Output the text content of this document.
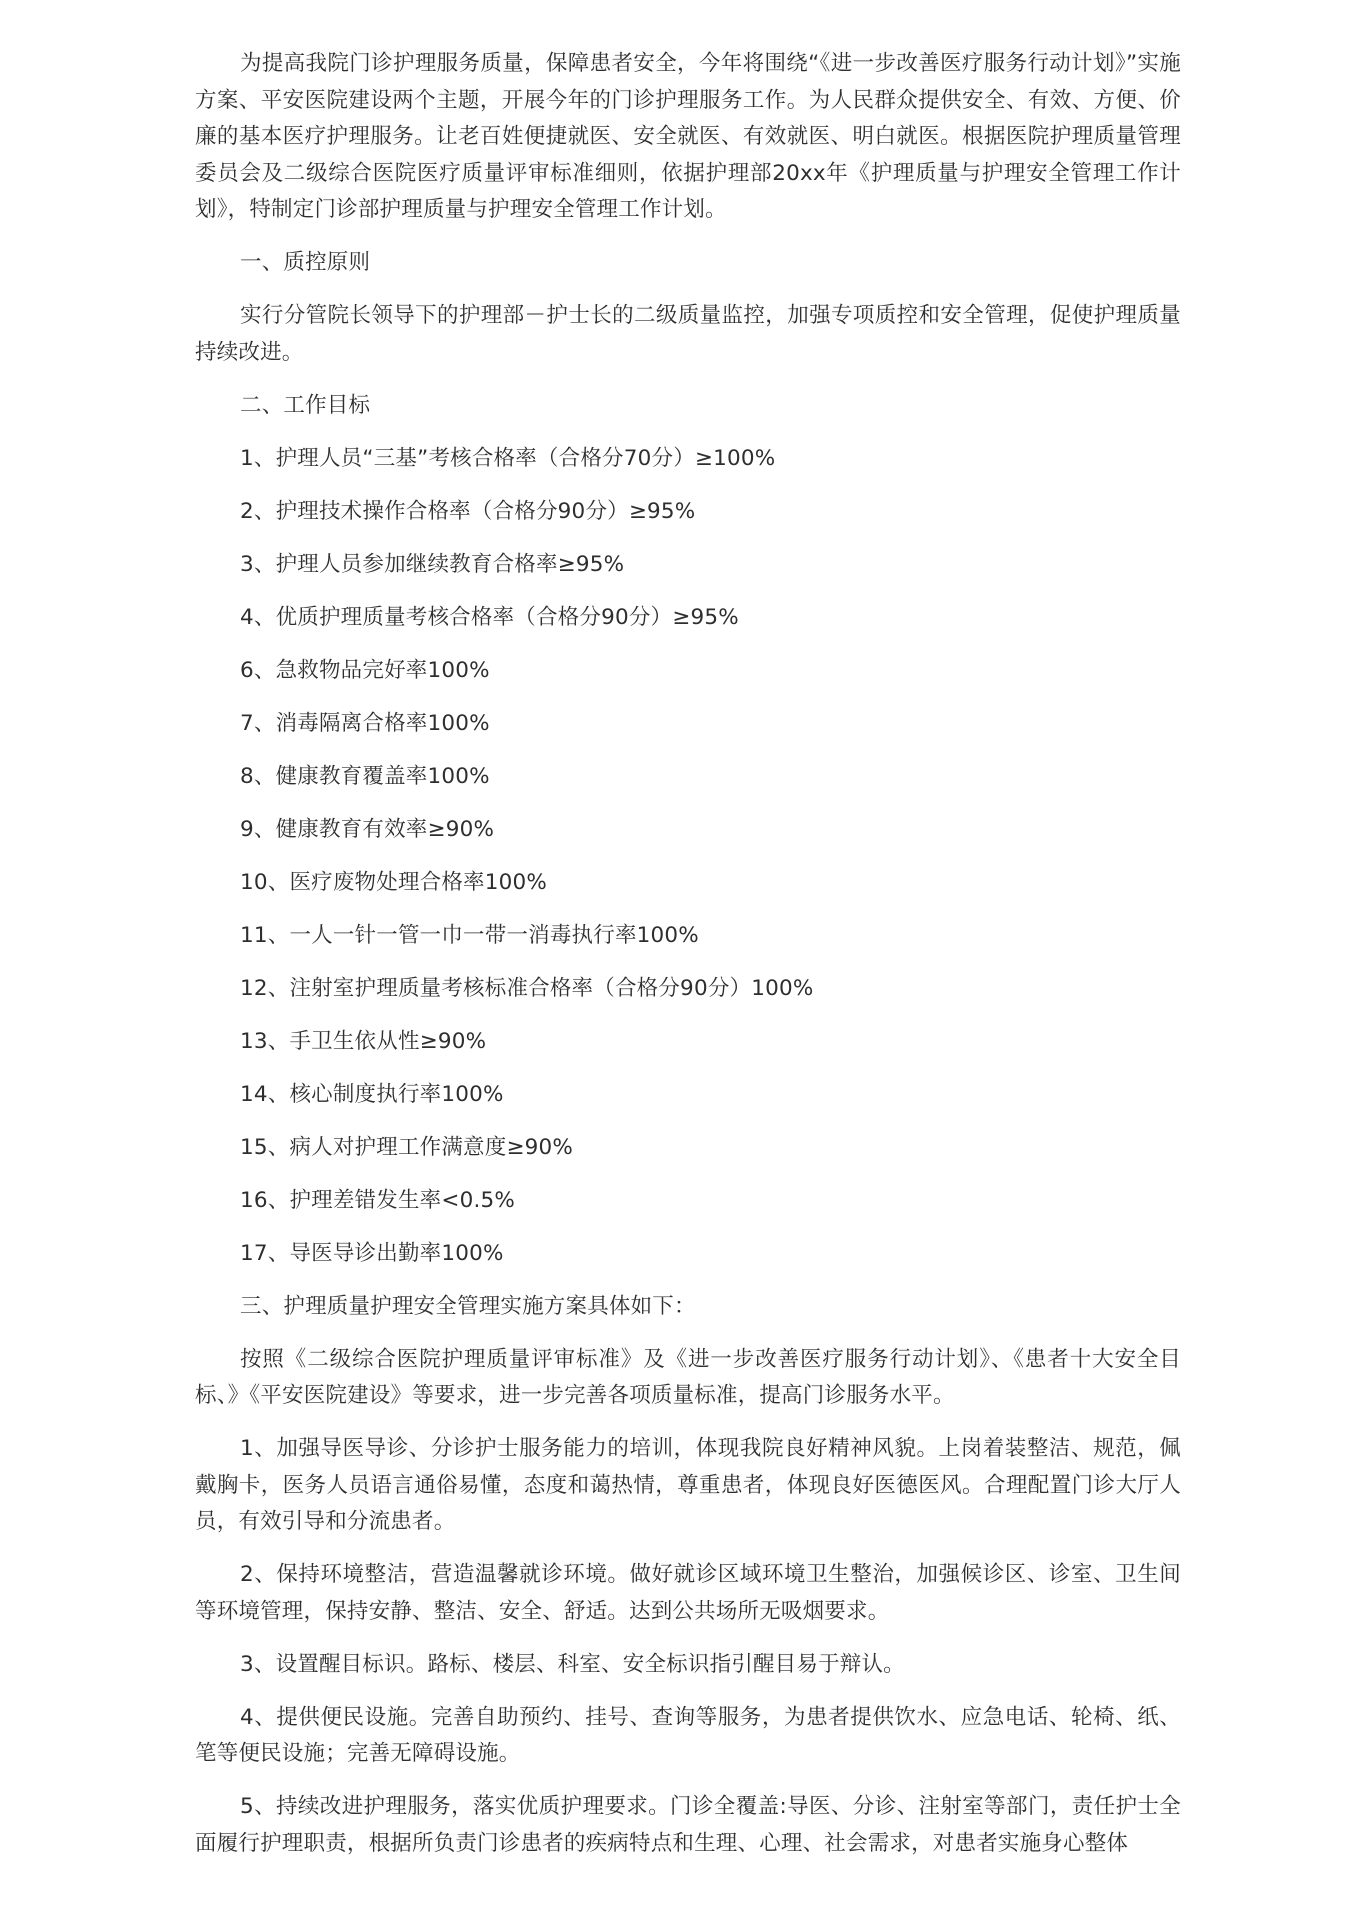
为提高我院门诊护理服务质量，保障患者安全，今年将围绕“《进一步改善医疗服务行动计划》”实施方案、平安医院建设两个主题，开展今年的门诊护理服务工作。为人民群众提供安全、有效、方便、价廉的基本医疗护理服务。让老百姓便捷就医、安全就医、有效就医、明白就医。根据医院护理质量管理委员会及二级综合医院医疗质量评审标准细则，依据护理部20xx年《护理质量与护理安全管理工作计划》，特制定门诊部护理质量与护理安全管理工作计划。

一、质控原则

实行分管院长领导下的护理部－护士长的二级质量监控，加强专项质控和安全管理，促使护理质量持续改进。

二、工作目标

1、护理人员“三基”考核合格率（合格分70分）≥100%

2、护理技术操作合格率（合格分90分）≥95%

3、护理人员参加继续教育合格率≥95%

4、优质护理质量考核合格率（合格分90分）≥95%

6、急救物品完好率100%

7、消毒隔离合格率100%

8、健康教育覆盖率100%

9、健康教育有效率≥90%

10、医疗废物处理合格率100%

11、一人一针一管一巾一带一消毒执行率100%

12、注射室护理质量考核标准合格率（合格分90分）100%

13、手卫生依从性≥90%

14、核心制度执行率100%

15、病人对护理工作满意度≥90%

16、护理差错发生率<0.5%

17、导医导诊出勤率100%

三、护理质量护理安全管理实施方案具体如下：

按照《二级综合医院护理质量评审标准》及《进一步改善医疗服务行动计划》、《患者十大安全目标、》《平安医院建设》等要求，进一步完善各项质量标准，提高门诊服务水平。

1、加强导医导诊、分诊护士服务能力的培训，体现我院良好精神风貌。上岗着装整洁、规范，佩戴胸卡，医务人员语言通俗易懂，态度和蔼热情，尊重患者，体现良好医德医风。合理配置门诊大厅人员，有效引导和分流患者。

2、保持环境整洁，营造温馨就诊环境。做好就诊区域环境卫生整治，加强候诊区、诊室、卫生间等环境管理，保持安静、整洁、安全、舒适。达到公共场所无吸烟要求。

3、设置醒目标识。路标、楼层、科室、安全标识指引醒目易于辩认。

4、提供便民设施。完善自助预约、挂号、查询等服务，为患者提供饮水、应急电话、轮椅、纸、笔等便民设施；完善无障碍设施。

5、持续改进护理服务，落实优质护理要求。门诊全覆盖:导医、分诊、注射室等部门，责任护士全面履行护理职责，根据所负责门诊患者的疾病特点和生理、心理、社会需求，对患者实施身心整体
